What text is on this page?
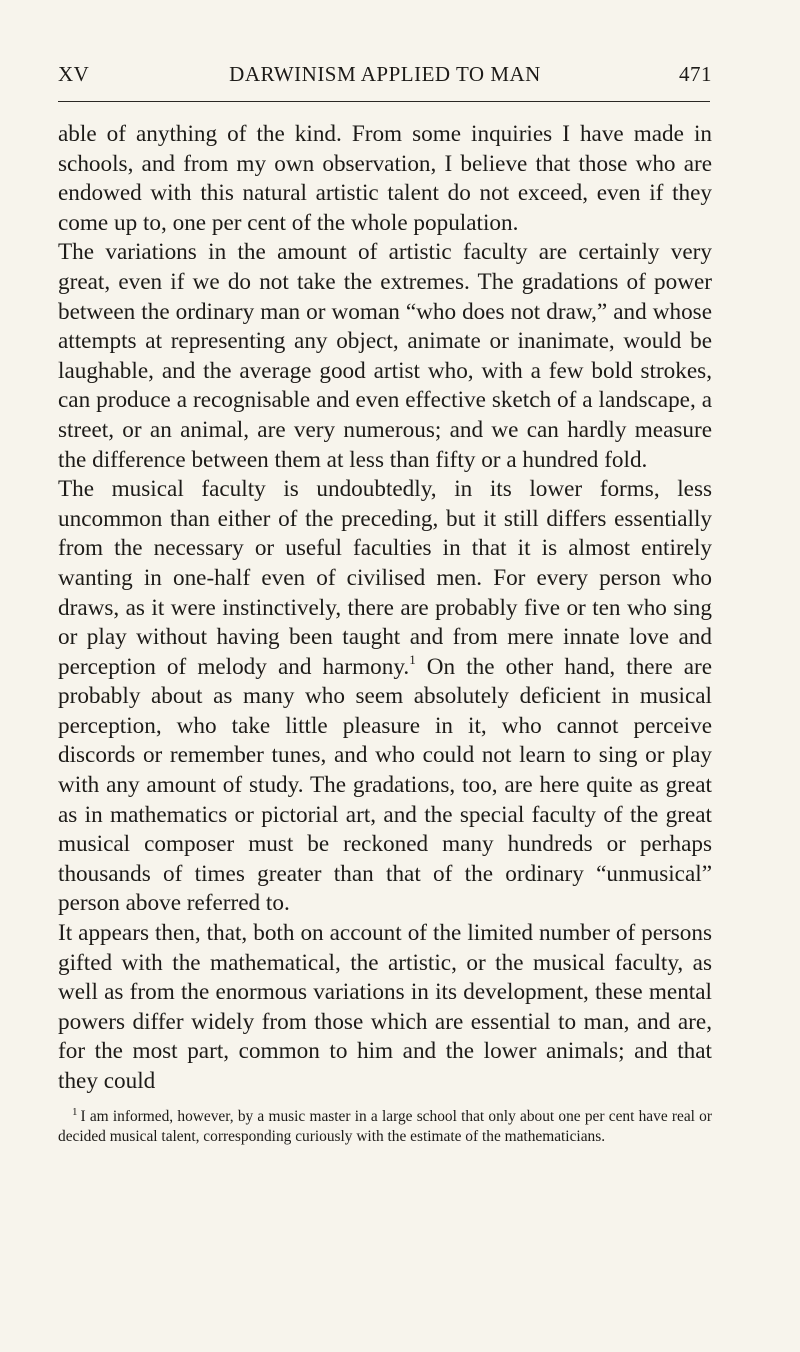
XV	DARWINISM APPLIED TO MAN	471

able of anything of the kind. From some inquiries I have made in schools, and from my own observation, I believe that those who are endowed with this natural artistic talent do not exceed, even if they come up to, one per cent of the whole population.

The variations in the amount of artistic faculty are certainly very great, even if we do not take the extremes. The gradations of power between the ordinary man or woman “who does not draw,” and whose attempts at representing any object, animate or inanimate, would be laughable, and the average good artist who, with a few bold strokes, can produce a recognisable and even effective sketch of a landscape, a street, or an animal, are very numerous; and we can hardly measure the difference between them at less than fifty or a hundred fold.

The musical faculty is undoubtedly, in its lower forms, less uncommon than either of the preceding, but it still differs essentially from the necessary or useful faculties in that it is almost entirely wanting in one-half even of civilised men. For every person who draws, as it were instinctively, there are probably five or ten who sing or play without having been taught and from mere innate love and perception of melody and harmony.$^1$ On the other hand, there are probably about as many who seem absolutely deficient in musical perception, who take little pleasure in it, who cannot perceive discords or remember tunes, and who could not learn to sing or play with any amount of study. The gradations, too, are here quite as great as in mathematics or pictorial art, and the special faculty of the great musical composer must be reckoned many hundreds or perhaps thousands of times greater than that of the ordinary “unmusical” person above referred to.

It appears then, that, both on account of the limited number of persons gifted with the mathematical, the artistic, or the musical faculty, as well as from the enormous variations in its development, these mental powers differ widely from those which are essential to man, and are, for the most part, common to him and the lower animals; and that they could

$^1$ I am informed, however, by a music master in a large school that only about one per cent have real or decided musical talent, corresponding curiously with the estimate of the mathematicians.
